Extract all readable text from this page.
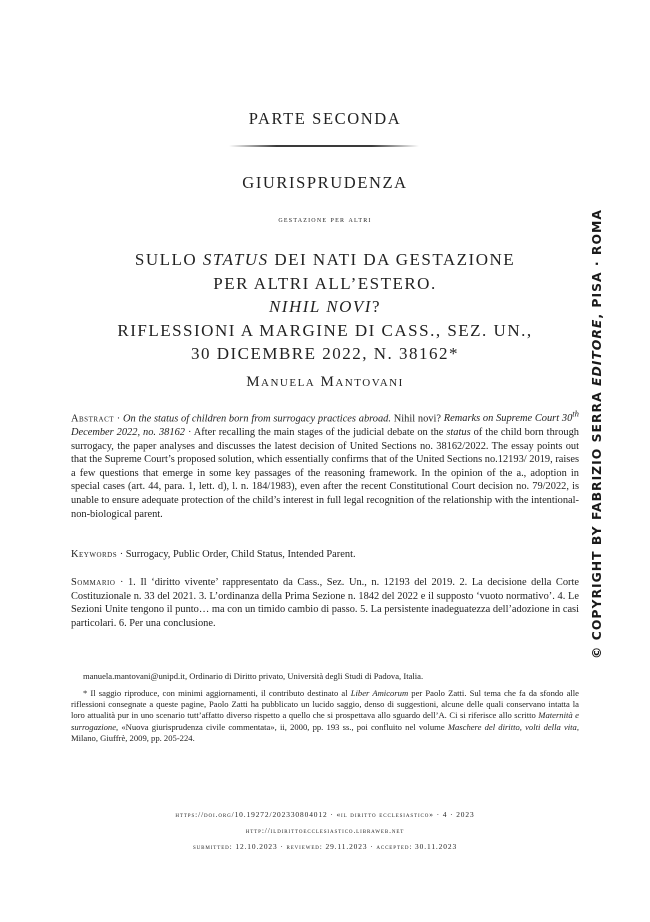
PARTE SECONDA
GIURISPRUDENZA
gestazione per altri
SULLO STATUS DEI NATI DA GESTAZIONE
PER ALTRI ALL’ESTERO.
NIHIL NOVI?
RIFLESSIONI A MARGINE DI CASS., SEZ. UN.,
30 DICEMBRE 2022, N. 38162*
Manuela Mantovani
Abstract · On the status of children born from surrogacy practices abroad. Nihil novi? Remarks on Supreme Court 30th December 2022, no. 38162 · After recalling the main stages of the judicial debate on the status of the child born through surrogacy, the paper analyses and discusses the latest decision of United Sections no. 38162/2022. The essay points out that the Supreme Court’s proposed solution, which essentially confirms that of the United Sections no.12193/ 2019, raises a few questions that emerge in some key passages of the reasoning framework. In the opinion of the a., adoption in special cases (art. 44, para. 1, lett. d), l. n. 184/1983), even after the recent Constitutional Court decision no. 79/2022, is unable to ensure adequate protection of the child’s interest in full legal recognition of the relationship with the intentional-non-biological parent.
Keywords · Surrogacy, Public Order, Child Status, Intended Parent.
Sommario · 1. Il ‘diritto vivente’ rappresentato da Cass., Sez. Un., n. 12193 del 2019. 2. La decisione della Corte Costituzionale n. 33 del 2021. 3. L’ordinanza della Prima Sezione n. 1842 del 2022 e il supposto ‘vuoto normativo’. 4. Le Sezioni Unite tengono il punto… ma con un timido cambio di passo. 5. La persistente inadeguatezza dell’adozione in casi particolari. 6. Per una conclusione.
manuela.mantovani@unipd.it, Ordinario di Diritto privato, Università degli Studi di Padova, Italia.
* Il saggio riproduce, con minimi aggiornamenti, il contributo destinato al Liber Amicorum per Paolo Zatti. Sul tema che fa da sfondo alle riflessioni consegnate a queste pagine, Paolo Zatti ha pubblicato un lucido saggio, denso di suggestioni, alcune delle quali conservano intatta la loro attualità pur in uno scenario tutt’affatto diverso rispetto a quello che si prospettava allo sguardo dell’A. Ci si riferisce allo scritto Maternità e surrogazione, «Nuova giurisprudenza civile commentata», ii, 2000, pp. 193 ss., poi confluito nel volume Maschere del diritto, volti della vita, Milano, Giuffrè, 2009, pp. 205-224.
https://doi.org/10.19272/202330804012 · «il diritto ecclesiastico» · 4 · 2023
http://ildirittoecclesiastico.libraweb.net
submitted: 12.10.2023 · reviewed: 29.11.2023 · accepted: 30.11.2023
© COPYRIGHT BY FABRIZIO SERRA EDITORE, PISA · ROMA
